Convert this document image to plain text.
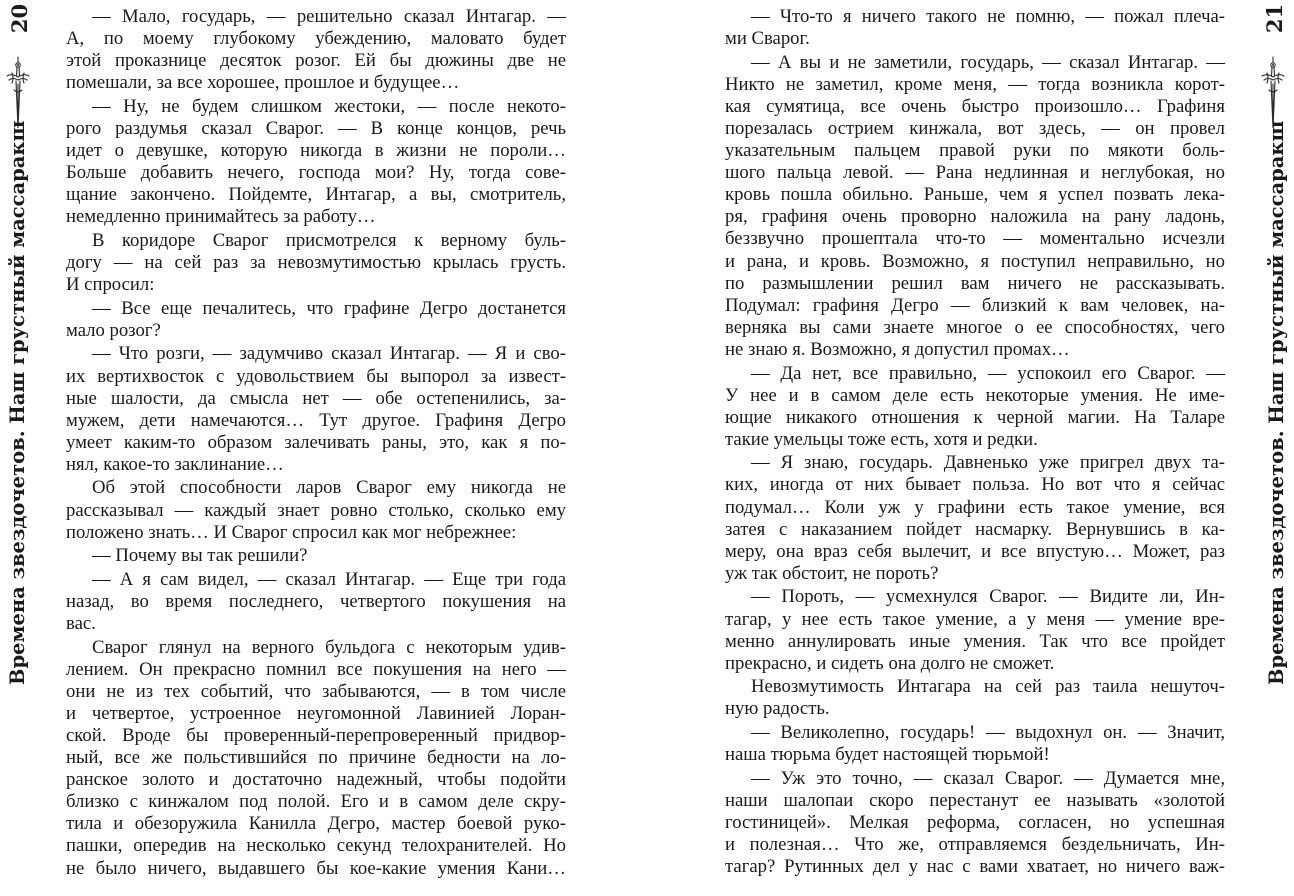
20
Времена звездочетов. Наш грустный массаракш
— Мало, государь, — решительно сказал Интагар. —
А, по моему глубокому убеждению, маловато будет
этой проказнице десяток розог. Ей бы дюжины две не
помешали, за все хорошее, прошлое и будущее…
— Ну, не будем слишком жестоки, — после некото-
рого раздумья сказал Сварог. — В конце концов, речь
идет о девушке, которую никогда в жизни не пороли…
Больше добавить нечего, господа мои? Ну, тогда сове-
щание закончено. Пойдемте, Интагар, а вы, смотритель,
немедленно принимайтесь за работу…
В коридоре Сварог присмотрелся к верному буль-
догу — на сей раз за невозмутимостью крылась грусть.
И спросил:
— Все еще печалитесь, что графине Дегро достанется
мало розог?
— Что розги, — задумчиво сказал Интагар. — Я и сво-
их вертихвосток с удовольствием бы выпорол за извест-
ные шалости, да смысла нет — обе остепенились, за-
мужем, дети намечаются… Тут другое. Графиня Дегро
умеет каким-то образом залечивать раны, это, как я по-
нял, какое-то заклинание…
Об этой способности ларов Сварог ему никогда не
рассказывал — каждый знает ровно столько, сколько ему
положено знать… И Сварог спросил как мог небрежнее:
— Почему вы так решили?
— А я сам видел, — сказал Интагар. — Еще три года
назад, во время последнего, четвертого покушения на
вас.
Сварог глянул на верного бульдога с некоторым удив-
лением. Он прекрасно помнил все покушения на него —
они не из тех событий, что забываются, — в том числе
и четвертое, устроенное неугомонной Лавинией Лоран-
ской. Вроде бы проверенный-перепроверенный придвор-
ный, все же польстившийся по причине бедности на ло-
ранское золото и достаточно надежный, чтобы подойти
близко с кинжалом под полой. Его и в самом деле скру-
тила и обезоружила Канилла Дегро, мастер боевой руко-
пашки, опередив на несколько секунд телохранителей. Но
не было ничего, выдавшего бы кое-какие умения Кани…
21
Времена звездочетов. Наш грустный массаракш
— Что-то я ничего такого не помню, — пожал плеча-
ми Сварог.
— А вы и не заметили, государь, — сказал Интагар. —
Никто не заметил, кроме меня, — тогда возникла корот-
кая сумятица, все очень быстро произошло… Графиня
порезалась острием кинжала, вот здесь, — он провел
указательным пальцем правой руки по мякоти боль-
шого пальца левой. — Рана недлинная и неглубокая, но
кровь пошла обильно. Раньше, чем я успел позвать лека-
ря, графиня очень проворно наложила на рану ладонь,
беззвучно прошептала что-то — моментально исчезли
и рана, и кровь. Возможно, я поступил неправильно, но
по размышлении решил вам ничего не рассказывать.
Подумал: графиня Дегро — близкий к вам человек, на-
верняка вы сами знаете многое о ее способностях, чего
не знаю я. Возможно, я допустил промах…
— Да нет, все правильно, — успокоил его Сварог. —
У нее и в самом деле есть некоторые умения. Не име-
ющие никакого отношения к черной магии. На Таларе
такие умельцы тоже есть, хотя и редки.
— Я знаю, государь. Давненько уже пригрел двух та-
ких, иногда от них бывает польза. Но вот что я сейчас
подумал… Коли уж у графини есть такое умение, вся
затея с наказанием пойдет насмарку. Вернувшись в ка-
меру, она враз себя вылечит, и все впустую… Может, раз
уж так обстоит, не пороть?
— Пороть, — усмехнулся Сварог. — Видите ли, Ин-
тагар, у нее есть такое умение, а у меня — умение вре-
менно аннулировать иные умения. Так что все пройдет
прекрасно, и сидеть она долго не сможет.
Невозмутимость Интагара на сей раз таила нешуточ-
ную радость.
— Великолепно, государь! — выдохнул он. — Значит,
наша тюрьма будет настоящей тюрьмой!
— Уж это точно, — сказал Сварог. — Думается мне,
наши шалопаи скоро перестанут ее называть «золотой
гостиницей». Мелкая реформа, согласен, но успешная
и полезная… Что же, отправляемся бездельничать, Ин-
тагар? Рутинных дел у нас с вами хватает, но ничего важ-
